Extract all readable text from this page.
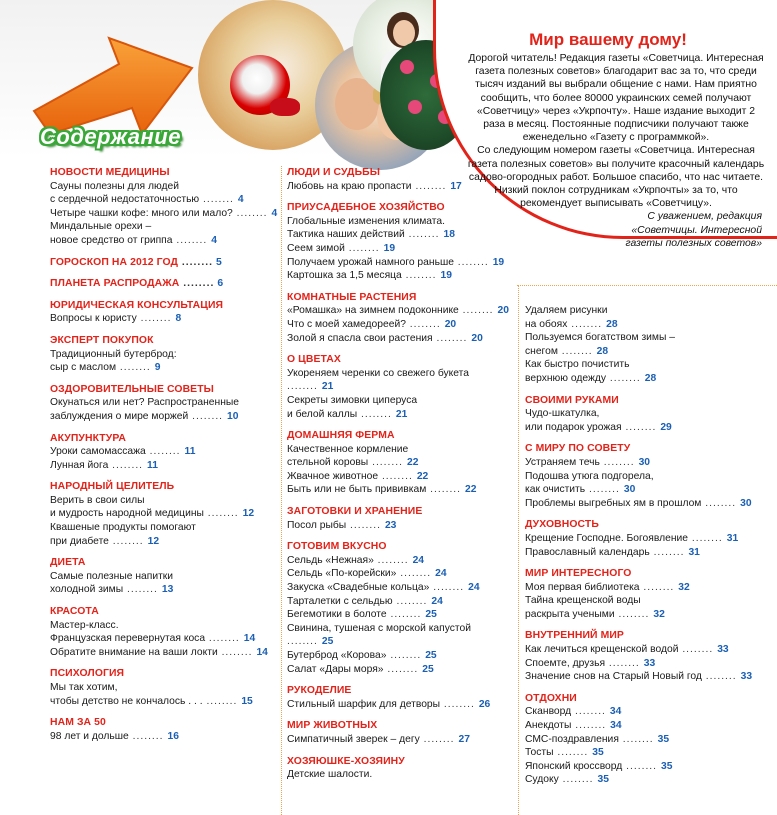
Мир вашему дому!

Дорогой читатель! Редакция газеты «Советчица. Интересная газета полезных советов» благодарит вас за то, что среди тысяч изданий вы выбрали общение с нами. Нам приятно сообщить, что более 80000 украинских семей получают «Советчицу» через «Укрпочту». Наше издание выходит 2 раза в месяц. Постоянные подписчики получают также еженедельно «Газету с программкой».

Со следующим номером газеты «Советчица. Интересная газета полезных советов» вы получите красочный календарь садово-огородных работ. Большое спасибо, что нас читаете. Низкий поклон сотрудникам «Укрпочты» за то, что рекомендует выписывать «Советчицу».

С уважением, редакция

«Советчицы. Интересной

газеты полезных советов»

Содержание
НОВОСТИ МЕДИЦИНЫ
Сауны полезны для людей
с сердечной недостаточностью ........ 4
Четыре чашки кофе: много или мало? ........ 4
Миндальные орехи –
новое средство от гриппа ........ 4
ГОРОСКОП НА 2012 ГОД ........ 5
ПЛАНЕТА РАСПРОДАЖА ........ 6
ЮРИДИЧЕСКАЯ КОНСУЛЬТАЦИЯ
Вопросы к юристу ........ 8
ЭКСПЕРТ ПОКУПОК
Традиционный бутерброд:
сыр с маслом ........ 9
ОЗДОРОВИТЕЛЬНЫЕ СОВЕТЫ
Окунаться или нет? Распространенные
заблуждения о мире моржей ........ 10
АКУПУНКТУРА
Уроки самомассажа ........ 11
Лунная йога ........ 11
НАРОДНЫЙ ЦЕЛИТЕЛЬ
Верить в свои силы
и мудрость народной медицины ........ 12
Квашеные продукты помогают
при диабете ........ 12
ДИЕТА
Самые полезные напитки
холодной зимы ........ 13
КРАСОТА
Мастер-класс.
Французская перевернутая коса ........ 14
Обратите внимание на ваши локти ........ 14
ПСИХОЛОГИЯ
Мы так хотим,
чтобы детство не кончалось . . . ........ 15
НАМ ЗА 50
98 лет и дольше ........ 16
ЛЮДИ И СУДЬБЫ
Любовь на краю пропасти ........ 17
ПРИУСАДЕБНОЕ ХОЗЯЙСТВО
Глобальные изменения климата.
Тактика наших действий ........ 18
Сеем зимой ........ 19
Получаем урожай намного раньше ........ 19
Картошка за 1,5 месяца ........ 19
КОМНАТНЫЕ РАСТЕНИЯ
«Ромашка» на зимнем подоконнике ........ 20
Что с моей хамедореей? ........ 20
Золой я спасла свои растения ........ 20
О ЦВЕТАХ
Укореняем черенки со свежего букета ........ 21
Секреты зимовки циперуса
и белой каллы ........ 21
ДОМАШНЯЯ ФЕРМА
Качественное кормление
стельной коровы ........ 22
Жвачное животное ........ 22
Быть или не быть прививкам ........ 22
ЗАГОТОВКИ И ХРАНЕНИЕ
Посол рыбы ........ 23
ГОТОВИМ ВКУСНО
Сельдь «Нежная» ........ 24
Сельдь «По-корейски» ........ 24
Закуска «Свадебные кольца» ........ 24
Тарталетки с сельдью ........ 24
Бегемотики в болоте ........ 25
Свинина, тушеная с морской капустой ........ 25
Бутерброд «Корова» ........ 25
Салат «Дары моря» ........ 25
РУКОДЕЛИЕ
Стильный шарфик для детворы ........ 26
МИР ЖИВОТНЫХ
Симпатичный зверек – дегу ........ 27
ХОЗЯЮШКЕ-ХОЗЯИНУ
Детские шалости.
Удаляем рисунки
на обоях ........ 28
Пользуемся богатством зимы –
снегом ........ 28
Как быстро почистить
верхнюю одежду ........ 28
СВОИМИ РУКАМИ
Чудо-шкатулка,
или подарок урожая ........ 29
С МИРУ ПО СОВЕТУ
Устраняем течь ........ 30
Подошва утюга подгорела,
как очистить ........ 30
Проблемы выгребных ям в прошлом ........ 30
ДУХОВНОСТЬ
Крещение Господне. Богоявление ........ 31
Православный календарь ........ 31
МИР ИНТЕРЕСНОГО
Моя первая библиотека ........ 32
Тайна крещенской воды
раскрыта учеными ........ 32
ВНУТРЕННИЙ МИР
Как лечиться крещенской водой ........ 33
Споемте, друзья ........ 33
Значение снов на Старый Новый год ........ 33
ОТДОХНИ
Сканворд ........ 34
Анекдоты ........ 34
СМС-поздравления ........ 35
Тосты ........ 35
Японский кроссворд ........ 35
Судоку ........ 35
